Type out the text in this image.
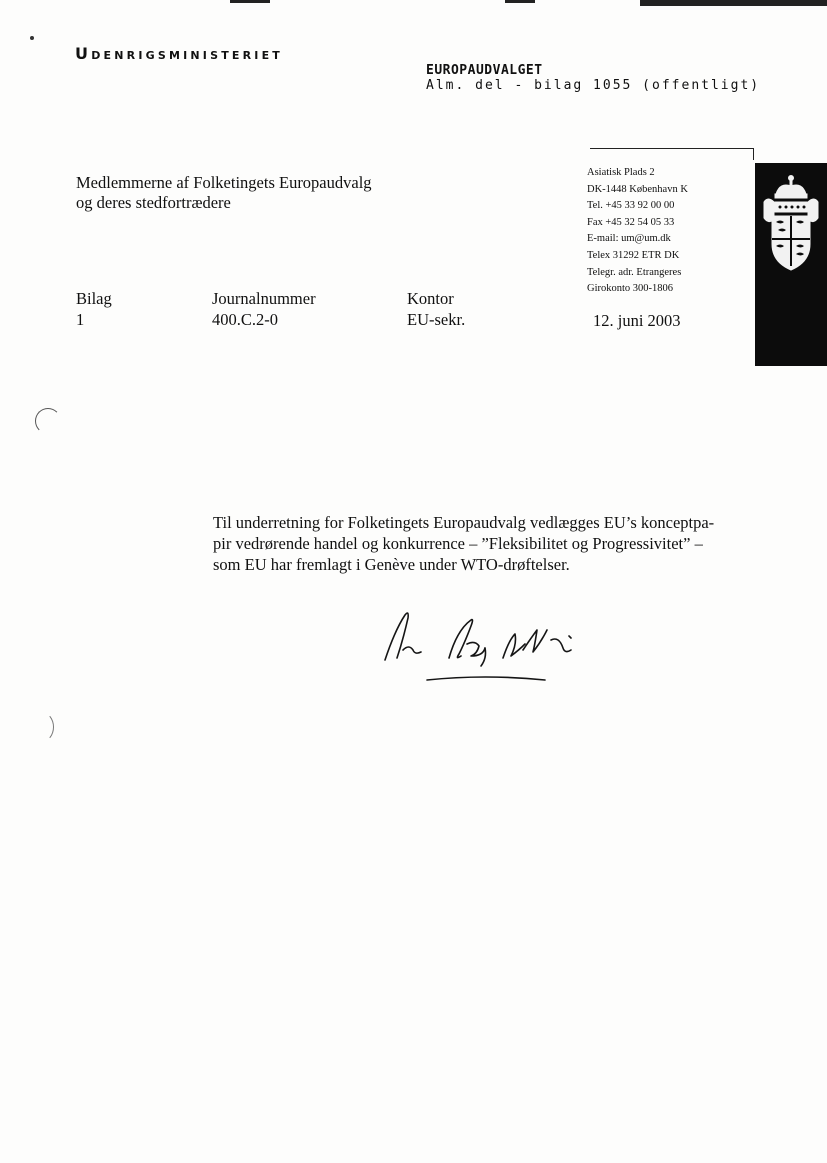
Udenrigsministeriet
EUROPAUDVALGET
Alm. del - bilag 1055 (offentligt)
Medlemmerne af Folketingets Europaudvalg
og deres stedfortrædere
Asiatisk Plads 2
DK-1448 København K
Tel. +45 33 92 00 00
Fax +45 32 54 05 33
E-mail: um@um.dk
Telex 31292 ETR DK
Telegr. adr. Etrangeres
Girokonto 300-1806
Bilag
1
Journalnummer
400.C.2-0
Kontor
EU-sekr.	12. juni 2003
Til underretning for Folketingets Europaudvalg vedlægges EU’s konceptpa-
pir vedrørende handel og konkurrence – ”Fleksibilitet og Progressivitet” –
som EU har fremlagt i Genève under WTO-drøftelser.
